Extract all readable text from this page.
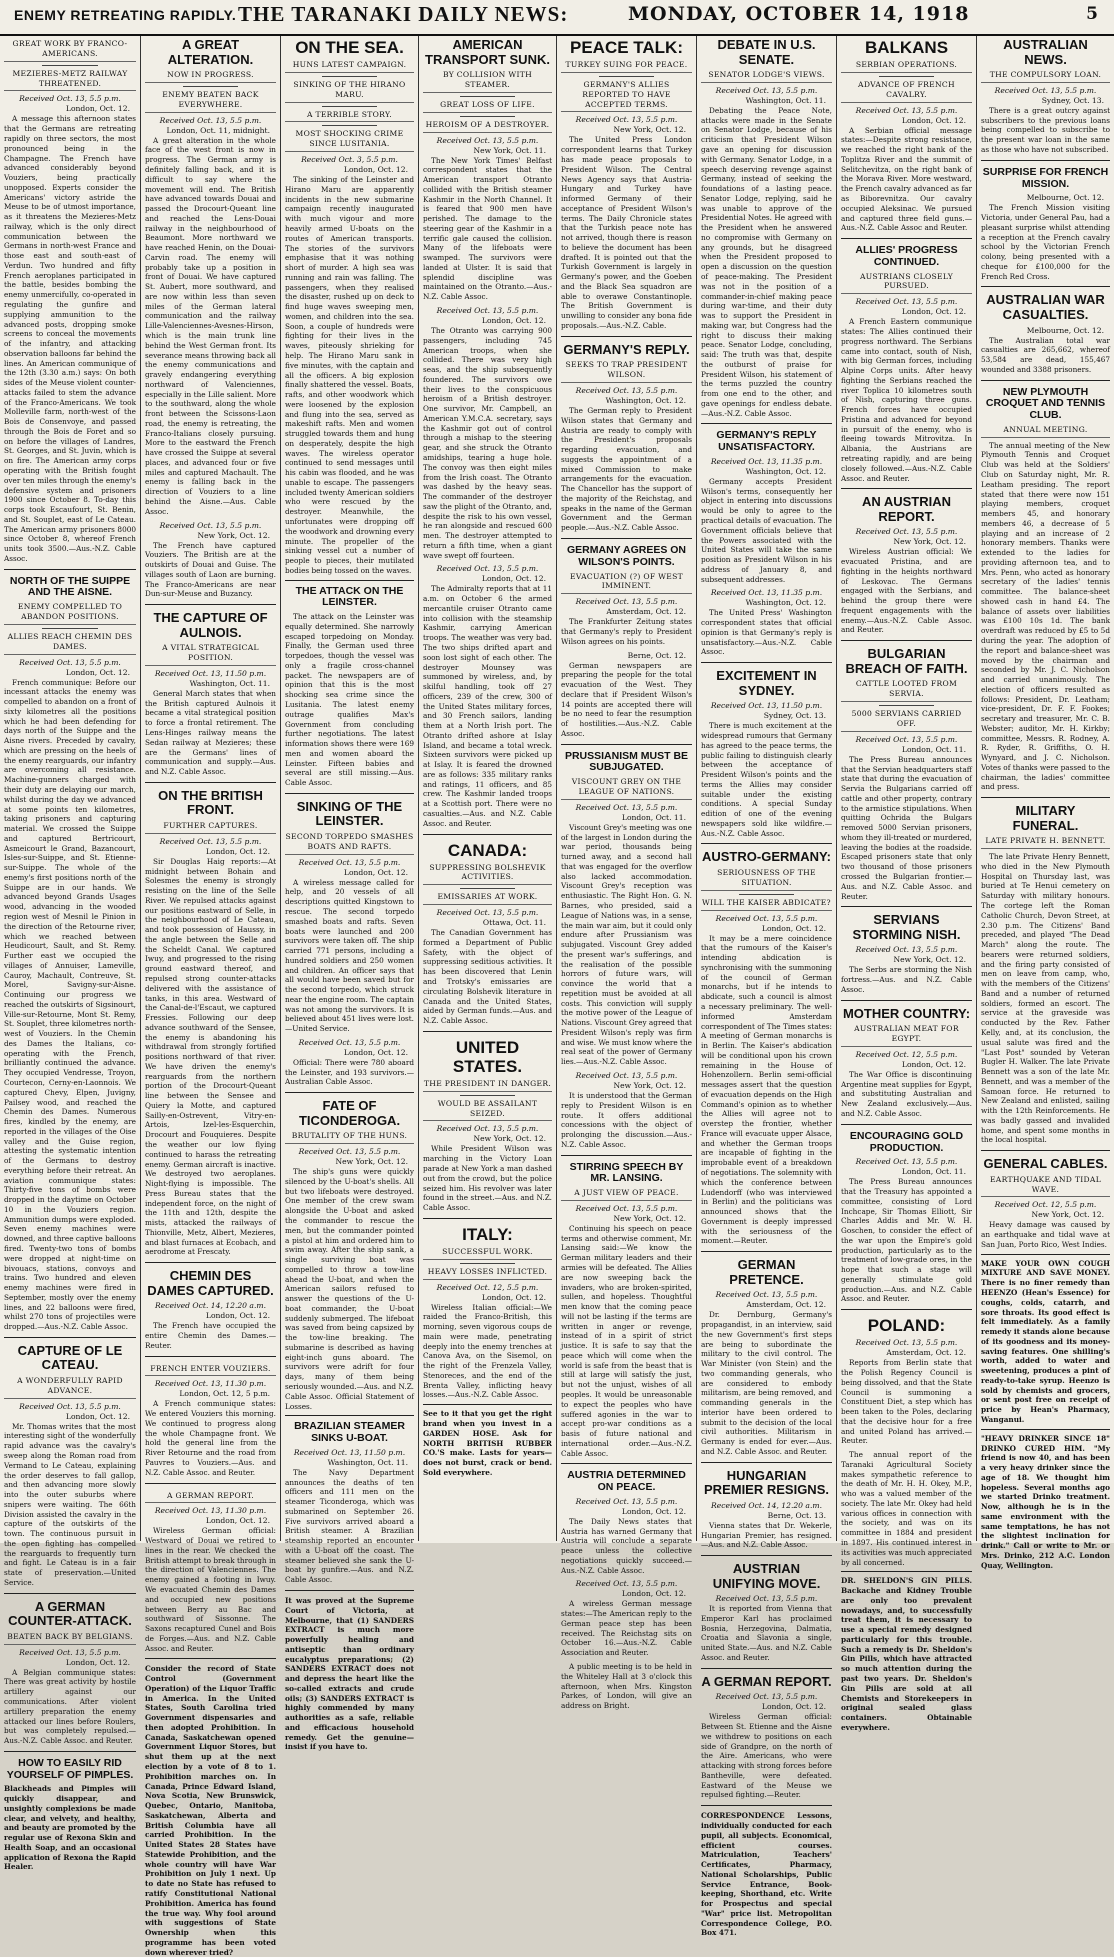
ENEMY RETREATING RAPIDLY. THE TARANAKI DAILY NEWS:	MONDAY, OCTOBER 14, 1918	5
GREAT WORK BY FRANCO-AMERICANS.
MEZIERES-METZ RAILWAY THREATENED.
Received Oct. 13, 5.5 p.m.
London, Oct. 12.
A message this afternoon states that the Germans are retreating rapidly on three sectors, the most pronounced being in the Champagne. The French have advanced considerably beyond Vouziers, being practically unopposed. Experts consider the Americans' victory astride the Meuse to be of utmost importance, as it threatens the Mezieres-Metz railway, which is the only direct communication between the Germans in north-west France and those east and south-east of Verdun. Two hundred and fifty French aeroplanes participated in the battle, besides bombing the enemy unmercifully, co-operated in regulating the gunfire and supplying ammunition to the advanced posts, dropping smoke screens to conceal the movements of the infantry, and attacking observation balloons far behind the lines. An American communique of the 12th (3.30 a.m.) says: On both sides of the Meuse violent counter-attacks failed to stem the advance of the Franco-Americans. We took Molleville farm, north-west of the Bois de Consenvoye, and passed through the Bois de Foret and so on before the villages of Landres, St. Georges, and St. Juvin, which is on fire. The American army corps operating with the British fought over ten miles through the enemy's defensive system and prisoners 1900 since October 8. To-day this corps took Escaufourt, St. Benin, and St. Souplet, east of Le Cateau. The American army prisoners 8000 since October 8, whereof French units took 3500.—Aus.-N.Z. Cable Assoc.
NORTH OF THE SUIPPE AND THE AISNE.
ENEMY COMPELLED TO ABANDON POSITIONS.
ALLIES REACH CHEMIN DES DAMES.
Received Oct. 13, 5.5 p.m.
London, Oct. 12.
French communique: Before our incessant attacks the enemy was compelled to abandon on a front of sixty kilometres all the positions which he had been defending for days north of the Suippe and the Aisne rivers. Preceded by cavalry, which are pressing on the heels of the enemy rearguards, our infantry are overcoming all resistance. Machine-gunners charged with their duty are delaying our march, whilst during the day we advanced at some points ten kilometres, taking prisoners and capturing material. We crossed the Suippe and captured Bertricourt, Asmeicourt le Grand, Bazancourt, Isles-sur-Suippe, and St. Etienne-sur-Suippe. The whole of the enemy's first positions north of the Suippe are in our hands. We advanced beyond Grands Usages wood, advancing in the wooded region west of Mesnil le Pinion in the direction of the Retourne river, which we reached between Heudicourt, Sault, and St. Remy. Further east we occupied the villages of Annuiser, Lameville, Cauroy, Machault, Contreuve, St. Morel, Savigny-sur-Aisne. Continuing our progress we reached the outskirts of Sigsinourt, Ville-sur-Retourne, Mont St. Remy, St. Souplet, three kilometres north-west of Vouziers. In the Chemin des Dames the Italians, co-operating with the French, brilliantly continued the advance. They occupied Vendresse, Troyon, Courtecon, Cerny-en-Laonnois. We captured Chevy, Elpen, Juvigny, Pailsey wood, and reached the Chemin des Dames. Numerous fires, kindled by the enemy, are reported in the villages of the Oise valley and the Guise region, attesting the systematic intention of the Germans to destroy everything before their retreat. An aviation communique states: Thirty-five tons of bombs were dropped in the daytime on October 10 in the Vouziers region. Ammunition dumps were exploded. Seven enemy machines were downed, and three captive balloons fired. Twenty-two tons of bombs were dropped at night-time on bivouacs, stations, convoys and trains. Two hundred and eleven enemy machines were fired in September, mostly over the enemy lines, and 22 balloons were fired, whilst 270 tons of projectiles were dropped.—Aus.-N.Z. Cable Assoc.
CAPTURE OF LE CATEAU.
A WONDERFULLY RAPID ADVANCE.
Received Oct. 13, 5.5 p.m.
London, Oct. 12.
Mr. Thomas writes that the most interesting sight of the wonderfully rapid advance was the cavalry's sweep along the Roman road from Vermand to Le Cateau, explaining the order deserves to fall gallop, and then advancing more slowly into the outer suburbs where snipers were waiting. The 66th Division assisted the cavalry in the capture of the outskirts of the town. The continuous pursuit in the open fighting has compelled the rearguards to frequently turn and fight. Le Cateau is in a fair state of preservation.—United Service.
A GERMAN COUNTER-ATTACK.
BEATEN BACK BY BELGIANS.
Received Oct. 13, 5.5 p.m.
London, Oct. 12.
A Belgian communique states: There was great activity by hostile artillery against our communications. After violent artillery preparation the enemy attacked our lines before Roulers, but was completely repulsed.—Aus.-N.Z. Cable Assoc. and Reuter.
HOW TO EASILY RID YOURSELF OF PIMPLES.
Blackheads and Pimples will quickly disappear, and unsightly complexions be made clear, and velvety, and healthy, and beauty are promoted by the regular use of Rexona Skin and Health Soap, and an occasional application of Rexona the Rapid Healer.
A GREAT ALTERATION.
NOW IN PROGRESS.
ENEMY BEATEN BACK EVERYWHERE.
Received Oct. 13, 5.5 p.m.
London, Oct. 11, midnight.
A great alteration in the whole face of the west front is now in progress. The German army is definitely falling back, and it is difficult to say where the movement will end. The British have advanced towards Douai and passed the Drocourt-Queant line and reached the Lens-Douai railway in the neighbourhood of Beaumont. More northward we have reached Henin, on the Douai-Carvin road. The enemy will probably take up a position in front of Douai. We have captured St. Aubert, more southward, and are now within less than seven miles of the German lateral communication and the railway Lille-Valenciennes-Avesnes-Hirson, which is the main trunk line behind the West German front. Its severance means throwing back all the enemy communications and gravely endangering everything northward of Valenciennes, especially in the Lille salient. More to the southward, along the whole front between the Scissons-Laon road, the enemy is retreating, the Franco-Italians closely pursuing. More to the eastward the French have crossed the Suippe at several places, and advanced four or five miles and captured Machault. The enemy is falling back in the direction of Vouziers to a line behind the Aisne.—Aus. Cable Assoc.
Received Oct. 13, 5.5 p.m.
New York, Oct. 12.
The French have captured Vouziers. The British are at the outskirts of Douai and Guise. The villages south of Laon are burning. The Franco-Americans are near Dun-sur-Meuse and Buzancy.
THE CAPTURE OF AULNOIS.
A VITAL STRATEGICAL POSITION.
Received Oct. 13, 11.50 p.m.
Washington, Oct. 11.
General March states that when the British captured Aulnois it became a vital strategical position to force a frontal retirement. The Lens-Hinges railway means the Sedan railway at Mezieres; these are the Germans' lines of communication and supply.—Aus. and N.Z. Cable Assoc.
ON THE BRITISH FRONT.
FURTHER CAPTURES.
Received Oct. 13, 5.5 p.m.
London, Oct. 12.
Sir Douglas Haig reports:—At midnight between Bohain and Solesmes the enemy is strongly resisting on the line of the Selle River. We repulsed attacks against our positions eastward of Selle, in the neighbourhood of Le Cateau, and took possession of Haussy, in the angle between the Selle and the Scheldt Canal. We captured Iwuy, and progressed to the rising ground eastward thereof, and repulsed strong counter-attacks delivered with the assistance of tanks, in this area. Westward of the Canal-de-l'Escaut, we captured Fressies. Following our deep advance southward of the Sensee, the enemy is abandoning his withdrawal from strongly fortified positions northward of that river. We have driven the enemy's rearguards from the northern portion of the Drocourt-Queant line between the Sensee and Quiery la Motte, and captured Sailly-en-Ostrevent, Vitry-en-Artois, Izel-les-Esquerchin, Drocourt and Fouquieres. Despite the weather our low flying continued to harass the retreating enemy. German aircraft is inactive. We destroyed two aeroplanes. Night-flying is impossible. The Press Bureau states that the independent force, on the night of the 11th and 12th, despite the mists, attacked the railways of Thionville, Metz, Albert, Mezieres, and blast furnaces at Ecobach, and aerodrome at Frescaty.
CHEMIN DES DAMES CAPTURED.
Received Oct. 14, 12.20 a.m.
London, Oct. 12.
The French have occupied the entire Chemin des Dames.—Reuter.
FRENCH ENTER VOUZIERS.
Received Oct. 13, 11.30 p.m.
London, Oct. 12, 5 p.m.
A French communique states: We entered Vouziers this morning. We continued to progress along the whole Champagne front. We hold the general line from the River Retourne and the road from Pauvres to Vouziers.—Aus. and N.Z. Cable Assoc. and Reuter.
A GERMAN REPORT.
Received Oct. 13, 11.30 p.m.
London, Oct. 12.
Wireless German official: Westward of Douai we retired to lines in the rear. We checked the British attempt to break through in the direction of Valenciennes. The enemy gained a footing in Iwuy. We evacuated Chemin des Dames and occupied new positions between Berry au Bac and southward of Sissonne. The Saxons recaptured Cunel and Bois de Forges.—Aus. and N.Z. Cable Assoc. and Reuter.
Consider the record of State Control (Government Operation) of the Liquor Traffic in America. In the United States, South Carolina tried Government dispensaries and then adopted Prohibition. In Canada, Saskatchewan opened Government Liquor Stores, but shut them up at the next election by a vote of 8 to 1. Prohibition marches on. In Canada, Prince Edward Island, Nova Scotia, New Brunswick, Quebec, Ontario, Manitoba, Saskatchewan, Alberta and British Columbia have all carried Prohibition. In the United States 28 States have Statewide Prohibition, and the whole country will have War Prohibition on July 1 next. Up to date no State has refused to ratify Constitutional National Prohibition. America has found the true way. Why fool around with suggestions of State Ownership when this programme has been voted down wherever tried?
ON THE SEA.
HUNS LATEST CAMPAIGN.
SINKING OF THE HIRANO MARU.
A TERRIBLE STORY.
MOST SHOCKING CRIME SINCE LUSITANIA.
Received Oct. 3, 5.5 p.m.
London, Oct. 12.
The sinking of the Leinster and Hirano Maru are apparently incidents in the new submarine campaign recently inaugurated with much vigour and more heavily armed U-boats on the routes of American transports. The stories of the survivors emphasise that it was nothing short of murder. A high sea was running and rain was falling. The passengers, when they realised the disaster, rushed up on deck to find huge waves sweeping men, women, and children into the sea. Soon, a couple of hundreds were fighting for their lives in the waves, piteously shrieking for help. The Hirano Maru sank in five minutes, with the captain and all the officers. A big explosion finally shattered the vessel. Boats, rafts, and other woodwork which were loosened by the explosion and flung into the sea, served as makeshift rafts. Men and women struggled towards them and hung on desperately, despite the high waves. The wireless operator continued to send messages until his cabin was flooded, and he was unable to escape. The passengers included twenty American soldiers who were rescued by the destroyer. Meanwhile, the unfortunates were dropping off the woodwork and drowning every minute. The propeller of the sinking vessel cut a number of people to pieces, their mutilated bodies being tossed on the waves.
THE ATTACK ON THE LEINSTER.
The attack on the Leinster was equally determined. She narrowly escaped torpedoing on Monday. Finally, the German used three torpedoes, though the vessel was only a fragile cross-channel packet. The newspapers are of opinion that this is the most shocking sea crime since the Lusitania. The latest enemy outrage qualifies Max's Government from concluding further negotiations. The latest information shows there were 169 men and women aboard the Leinster. Fifteen babies and several are still missing.—Aus. Cable Assoc.
SINKING OF THE LEINSTER.
SECOND TORPEDO SMASHES BOATS AND RAFTS.
Received Oct. 13, 5.5 p.m.
London, Oct. 12.
A wireless message called for help, and 20 vessels of all descriptions quitted Kingstown to rescue. The second torpedo smashed boats and rafts. Seven boats were launched and 200 survivors were taken off. The ship carried 771 persons, including a hundred soldiers and 250 women and children. An officer says that all would have been saved but for the second torpedo, which struck near the engine room. The captain was not among the survivors. It is believed about 451 lives were lost.—United Service.
Received Oct. 13, 5.5 p.m.
London, Oct. 12.
Official: There were 780 aboard the Leinster, and 193 survivors.—Australian Cable Assoc.
FATE OF TICONDEROGA.
BRUTALITY OF THE HUNS.
Received Oct. 13, 5.5 p.m.
New York, Oct. 12.
The ship's guns were quickly silenced by the U-boat's shells. All but two lifeboats were destroyed. One member of the crew swam alongside the U-boat and asked the commander to rescue the men, but the commander pointed a pistol at him and ordered him to swim away. After the ship sank, a single surviving boat was compelled to throw a tow-line ahead the U-boat, and when the American sailors refused to answer the questions of the U-boat commander, the U-boat suddenly submerged. The lifeboat was saved from being capsized by the tow-line breaking. The submarine is described as having eight-inch guns aboard. The survivors were adrift for four days, many of them being seriously wounded.—Aus. and N.Z. Cable Assoc. Official Statement of Losses.
BRAZILIAN STEAMER SINKS U-BOAT.
Received Oct. 13, 11.50 p.m.
Washington, Oct. 11.
The Navy Department announces the deaths of ten officers and 111 men on the steamer Ticonderoga, which was submarined on September 26. Five survivors arrived aboard a British steamer. A Brazilian steamship reported an encounter with a U-boat off the coast. The steamer believed she sank the U-boat by gunfire.—Aus. and N.Z. Cable Assoc.
It was proved at the Supreme Court of Victoria, at Melbourne, that (1) SANDERS EXTRACT is much more powerfully healing and antiseptic than ordinary eucalyptus preparations; (2) SANDERS EXTRACT does not and depress the heart like the so-called extracts and crude oils; (3) SANDERS EXTRACT is highly commended by many authorities as a safe, reliable and efficacious household remedy. Get the genuine—insist if you have to.
AMERICAN TRANSPORT SUNK.
BY COLLISION WITH STEAMER.
GREAT LOSS OF LIFE.
HEROISM OF A DESTROYER.
Received Oct. 13, 5.5 p.m.
New York, Oct. 11.
The New York Times' Belfast correspondent states that the American transport Otranto collided with the British steamer Kashmir in the North Channel. It is feared that 900 men have perished. The damage to the steering gear of the Kashmir in a terrific gale caused the collision. Many of the lifeboats were swamped. The survivors were landed at Ulster. It is said that splendid discipline was maintained on the Otranto.—Aus.-N.Z. Cable Assoc.
Received Oct. 13, 5.5 p.m.
London, Oct. 12.
The Otranto was carrying 900 passengers, including 745 American troops, when she collided. There was very high seas, and the ship subsequently foundered. The survivors owe their lives to the conspicuous heroism of a British destroyer. One survivor, Mr. Campbell, an American Y.M.C.A. secretary, says the Kashmir got out of control through a mishap to the steering gear, and she struck the Otranto amidships, tearing a huge hole. The convoy was then eight miles from the Irish coast. The Otranto was dashed by the heavy seas. The commander of the destroyer saw the plight of the Otranto, and, despite the risk to his own vessel, he ran alongside and rescued 600 men. The destroyer attempted to return a fifth time, when a giant wave swept off fourteen.
Received Oct. 13, 5.5 p.m.
London, Oct. 12.
The Admiralty reports that at 11 a.m. on October 6 the armed mercantile cruiser Otranto came into collision with the steamship Kashmir, carrying American troops. The weather was very bad. The two ships drifted apart and soon lost sight of each other. The destroyer Mounsey was summoned by wireless, and, by skilful handling, took off 27 officers, 239 of the crew, 300 of the United States military forces, and 30 French sailors, landing them at a North Irish port. The Otranto drifted ashore at Islay Island, and became a total wreck. Sixteen survivors were picked up at Islay. It is feared the drowned are as follows: 335 military ranks and ratings, 11 officers, and 85 crew. The Kashmir landed troops at a Scottish port. There were no casualties.—Aus. and N.Z. Cable Assoc. and Reuter.
CANADA:
SUPPRESSING BOLSHEVIK ACTIVITIES.
EMISSARIES AT WORK.
Received Oct. 13, 5.5 p.m.
Ottawa, Oct. 11.
The Canadian Government has formed a Department of Public Safety, with the object of suppressing seditious activities. It has been discovered that Lenin and Trotsky's emissaries are circulating Bolshevik literature in Canada and the United States, aided by German funds.—Aus. and N.Z. Cable Assoc.
UNITED STATES.
THE PRESIDENT IN DANGER.
WOULD BE ASSAILANT SEIZED.
Received Oct. 13, 5.5 p.m.
New York, Oct. 12.
While President Wilson was marching in the Victory Loan parade at New York a man dashed out from the crowd, but the police seized him. His revolver was later found in the street.—Aus. and N.Z. Cable Assoc.
ITALY:
SUCCESSFUL WORK.
HEAVY LOSSES INFLICTED.
Received Oct. 12, 5.5 p.m.
London, Oct. 12.
Wireless Italian official:—We raided the Franco-British, this morning, seven vigorous coups de main were made, penetrating deeply into the enemy trenches at Canova Ava, on the Sisemol, on the right of the Frenzela Valley, Stenoreces, and the end of the Brenta Valley, inflicting heavy losses.—Aus.-N.Z. Cable Assoc.
See to it that you get the right brand when you invest in a GARDEN HOSE. Ask for NORTH BRITISH RUBBER CO.'S make. Lasts for years—does not burst, crack or bend. Sold everywhere.
PEACE TALK:
TURKEY SUING FOR PEACE.
GERMANY'S ALLIES REPORTED TO HAVE ACCEPTED TERMS.
Received Oct. 13, 5.5 p.m.
New York, Oct. 12.
The United Press London correspondent learns that Turkey has made peace proposals to President Wilson. The Central News Agency says that Austria-Hungary and Turkey have informed Germany of their acceptance of President Wilson's terms. The Daily Chronicle states that the Turkish peace note has not arrived, though there is reason to believe the document has been drafted. It is pointed out that the Turkish Government is largely in Germany's power, and the Goeben and the Black Sea squadron are able to overawe Constantinople. The British Government is unwilling to consider any bona fide proposals.—Aus.-N.Z. Cable.
GERMANY'S REPLY.
SEEKS TO TRAP PRESIDENT WILSON.
Received Oct. 13, 5.5 p.m.
Washington, Oct. 12.
The German reply to President Wilson states that Germany and Austria are ready to comply with the President's proposals regarding evacuation, and suggests the appointment of a mixed Commission to make arrangements for the evacuation. The Chancellor has the support of the majority of the Reichstag, and speaks in the name of the German Government and the German people.—Aus.-N.Z. Cable Assoc.
GERMANY AGREES ON WILSON'S POINTS.
EVACUATION (?) OF WEST IMMINENT.
Received Oct. 13, 5.5 p.m.
Amsterdam, Oct. 12.
The Frankfurter Zeitung states that Germany's reply to President Wilson agrees on his points.
Berne, Oct. 12.
German newspapers are preparing the people for the total evacuation of the West. They declare that if President Wilson's 14 points are accepted there will be no need to fear the resumption of hostilities.—Aus.-N.Z. Cable Assoc.
PRUSSIANISM MUST BE SUBJUGATED.
VISCOUNT GREY ON THE LEAGUE OF NATIONS.
Received Oct. 13, 5.5 p.m.
London, Oct. 11.
Viscount Grey's meeting was one of the largest in London during the war period, thousands being turned away, and a second hall that was engaged for the overflow also lacked accommodation. Viscount Grey's reception was enthusiastic. The Right Hon. G. N. Barnes, who presided, said a League of Nations was, in a sense, the main war aim, but it could only endure after Prussianism was subjugated. Viscount Grey added the present war's sufferings, and the realisation of the possible horrors of future wars, will convince the world that a repetition must be avoided at all costs. This conviction will supply the motive power of the League of Nations. Viscount Grey agreed that President Wilson's reply was firm and wise. We must know where the real seat of the power of Germany lies.—Aus.-N.Z. Cable Assoc.
Received Oct. 13, 5.5 p.m.
New York, Oct. 12.
It is understood that the German reply to President Wilson is en route. It offers additional concessions with the object of prolonging the discussion.—Aus.-N.Z. Cable Assoc.
STIRRING SPEECH BY MR. LANSING.
A JUST VIEW OF PEACE.
Received Oct. 13, 5.5 p.m.
New York, Oct. 12.
Continuing his speech on peace terms and otherwise comment, Mr. Lansing said:—We know the German military leaders and their armies will be defeated. The Allies are now sweeping back the invaders, who are broken-spirited, sullen, and hopeless. Thoughtful men know that the coming peace will not be lasting if the terms are written in anger or revenge, instead of in a spirit of strict justice. It is safe to say that the peace which will come when the world is safe from the beast that is still at large will satisfy the just, but not the unjust, wishes of all peoples. It would be unreasonable to expect the peoples who have suffered agonies in the war to accept pro-war conditions as a basis of future national and international order.—Aus.-N.Z. Cable Assoc.
AUSTRIA DETERMINED ON PEACE.
Received Oct. 13, 5.5 p.m.
London, Oct. 12.
The Daily News states that Austria has warned Germany that Austria will conclude a separate peace unless the collective negotiations quickly succeed.—Aus.-N.Z. Cable Assoc.
Received Oct. 13, 5.5 p.m.
London, Oct. 12.
A wireless German message states:—The American reply to the German peace step has been received. The Reichstag sits on October 16.—Aus.-N.Z. Cable Association and Reuter.
A public meeting is to be held in the Whiteley Hall at 3 o'clock this afternoon, when Mrs. Kingston Parkes, of London, will give an address on Bright.
DEBATE IN U.S. SENATE.
SENATOR LODGE'S VIEWS.
Received Oct. 13, 5.5 p.m.
Washington, Oct. 11.
Debating the Peace Note, attacks were made in the Senate on Senator Lodge, because of his criticism that President Wilson gave an opening for discussion with Germany. Senator Lodge, in a speech deserving revenge against Germany, instead of seeking the foundations of a lasting peace. Senator Lodge, replying, said he was unable to approve of the Presidential Notes. He agreed with the President when he answered no compromise with Germany on any grounds, but he disagreed when the President proposed to open a discussion on the question of peace-making. The President was not in the position of a commander-in-chief making peace during war-time, and their duty was to support the President in making war, but Congress had the right to discuss their making peace. Senator Lodge, concluding, said: The truth was that, despite the outburst of praise for President Wilson, his statement of the terms puzzled the country from one end to the other, and gave openings for endless debate.—Aus.-N.Z. Cable Assoc.
GERMANY'S REPLY UNSATISFACTORY.
Received Oct. 13, 11.35 p.m.
Washington, Oct. 12.
Germany accepts President Wilson's terms, consequently her object in entering into discussions would be only to agree to the practical details of evacuation. The Government officials believe that the Powers associated with the United States will take the same position as President Wilson in his address of January 8, and subsequent addresses.
Received Oct. 13, 11.35 p.m.
Washington, Oct. 12.
The United Press' Washington correspondent states that official opinion is that Germany's reply is unsatisfactory.—Aus.-N.Z. Cable Assoc.
EXCITEMENT IN SYDNEY.
Received Oct. 13, 11.50 p.m.
Sydney, Oct. 13.
There is much excitement at the widespread rumours that Germany has agreed to the peace terms, the public failing to distinguish clearly between the acceptance of President Wilson's points and the terms the Allies may consider suitable under the existing conditions. A special Sunday edition of one of the evening newspapers sold like wildfire.—Aus.-N.Z. Cable Assoc.
AUSTRO-GERMANY:
SERIOUSNESS OF THE SITUATION.
WILL THE KAISER ABDICATE?
Received Oct. 13, 5.5 p.m.
London, Oct. 12.
It may be a mere coincidence that the rumours of the Kaiser's intending abdication is synchronising with the summoning of the council of German monarchs, but if he intends to abdicate, such a council is almost a necessary preliminary. The well-informed Amsterdam correspondent of The Times states: A meeting of German monarchs is in Berlin. The Kaiser's abdication will be conditional upon his crown remaining in the House of Hohenzollern. Berlin semi-official messages assert that the question of evacuation depends on the High Command's opinion as to whether the Allies will agree not to overstep the frontier, whether France will evacuate upper Alsace, and whether the German troops are incapable of fighting in the improbable event of a breakdown of negotiations. The solemnity with which the conference between Ludendorff (who was interviewed in Berlin) and the politicians was announced shows that the Government is deeply impressed with the seriousness of the moment.—Reuter.
GERMAN PRETENCE.
Received Oct. 13, 5.5 p.m.
Amsterdam, Oct. 12.
Dr. Dernburg, Germany's propagandist, in an interview, said the new Government's first steps are being to subordinate the military to the civil control. The War Minister (von Stein) and the two commanding generals, who are considered to embody militarism, are being removed, and commanding generals in the interior have been ordered to submit to the decision of the local civil authorities. Militarism in Germany is ended for ever.—Aus. and N.Z. Cable Assoc. and Reuter.
HUNGARIAN PREMIER RESIGNS.
Received Oct. 14, 12.20 a.m.
Berne, Oct. 13.
Vienna states that Dr. Wekerle, Hungarian Premier, has resigned.—Aus. and N.Z. Cable Assoc.
AUSTRIAN UNIFYING MOVE.
Received Oct. 13, 5.5 p.m.
It is reported from Vienna that Emperor Karl has proclaimed Bosnia, Herzegovina, Dalmatia, Croatia and Slavonia a single, united State.—Aus. and N.Z. Cable Assoc. and Reuter.
A GERMAN REPORT.
Received Oct. 13, 5.5 p.m.
London, Oct. 12.
Wireless German official: Between St. Etienne and the Aisne we withdrew to positions on each side of Grandpre, on the north of the Aire. Americans, who were attacking with strong forces before Bantheville, were defeated. Eastward of the Meuse we repulsed fighting.—Reuter.
CORRESPONDENCE Lessons, individually conducted for each pupil, all subjects. Economical, efficient courses. Matriculation, Teachers' Certificates, Pharmacy, National Scholarships, Public Service Entrance, Book-keeping, Shorthand, etc. Write for Prospectus and special "War" price list. Metropolitan Correspondence College, P.O. Box 471.
BALKANS
SERBIAN OPERATIONS.
ADVANCE OF FRENCH CAVALRY.
Received Oct. 13, 5.5 p.m.
London, Oct. 12.
A Serbian official message states:—Despite strong resistance, we reached the right bank of the Toplitza River and the summit of Selitchevitza, on the right bank of the Morava River. More westward, the French cavalry advanced as far as Biborevnitza. Our cavalry occupied Aleksinac. We pursued and captured three field guns.—Aus.-N.Z. Cable Assoc and Reuter.
ALLIES' PROGRESS CONTINUED.
AUSTRIANS CLOSELY PURSUED.
Received Oct. 13, 5.5 p.m.
London, Oct. 12.
A French Eastern communique states: The Allies continued their progress northward. The Serbians came into contact, south of Nish, with big German forces, including Alpine Corps units. After heavy fighting the Serbians reached the river Toplica 10 kilometres south of Nish, capturing three guns. French forces have occupied Pristina and advanced for beyond in pursuit of the enemy, who is fleeing towards Mitrovitza. In Albania, the Austrians are retreating rapidly, and are being closely followed.—Aus.-N.Z. Cable Assoc. and Reuter.
AN AUSTRIAN REPORT.
Received Oct. 13, 5.5 p.m.
New York, Oct. 12.
Wireless Austrian official: We evacuated Pristina, and are fighting in the heights northward of Leskovac. The Germans engaged with the Serbians, and behind the group there were frequent engagements with the enemy.—Aus.-N.Z. Cable Assoc. and Reuter.
BULGARIAN BREACH OF FAITH.
CATTLE LOOTED FROM SERVIA.
5000 SERVIANS CARRIED OFF.
Received Oct. 13, 5.5 p.m.
London, Oct. 11.
The Press Bureau announces that the Servian headquarters staff state that during the evacuation of Servia the Bulgarians carried off cattle and other property, contrary to the armistice stipulations. When quitting Ochrida the Bulgars removed 5000 Servian prisoners, whom they ill-treated or murdered, leaving the bodies at the roadside. Escaped prisoners state that only two thousand of those prisoners crossed the Bulgarian frontier.—Aus. and N.Z. Cable Assoc. and Reuter.
SERVIANS STORMING NISH.
Received Oct. 13, 5.5 p.m.
New York, Oct. 12.
The Serbs are storming the Nish fortress.—Aus. and N.Z. Cable Assoc.
MOTHER COUNTRY:
AUSTRALIAN MEAT FOR EGYPT.
Received Oct. 12, 5.5 p.m.
London, Oct. 12.
The War Office is discontinuing Argentine meat supplies for Egypt, and substituting Australian and New Zealand exclusively.—Aus. and N.Z. Cable Assoc.
ENCOURAGING GOLD PRODUCTION.
Received Oct. 13, 5.5 p.m.
London, Oct. 11.
The Press Bureau announces that the Treasury has appointed a committee, consisting of Lord Inchcape, Sir Thomas Elliott, Sir Charles Addis and Mr. W. H. Goschen, to consider the effect of the war upon the Empire's gold production, particularly as to the treatment of low-grade ores, in the hope that such a stage will generally stimulate gold production.—Aus. and N.Z. Cable Assoc. and Reuter.
POLAND:
Received Oct. 13, 5.5 p.m.
Amsterdam, Oct. 12.
Reports from Berlin state that the Polish Regency Council is being dissolved, and that the State Council is summoning a Constituent Diet, a step which has been taken to the Poles, declaring that the decisive hour for a free and united Poland has arrived.—Reuter.
The annual report of the Taranaki Agricultural Society makes sympathetic reference to the death of Mr. H. H. Okey, M.P., who was a valued member of the society. The late Mr. Okey had held various offices in connection with the society, and was on its committee in 1884 and president in 1897. His continued interest in its activities was much appreciated by all concerned.
DR. SHELDON'S GIN PILLS. Backache and Kidney Trouble are only too prevalent nowadays, and, to successfully treat them, it is necessary to use a special remedy designed particularly for this trouble. Such a remedy is Dr. Sheldon's Gin Pills, which have attracted so much attention during the past two years. Dr. Sheldon's Gin Pills are sold at all Chemists and Storekeepers in original sealed glass containers. Obtainable everywhere.
AUSTRALIAN NEWS.
THE COMPULSORY LOAN.
Received Oct. 13, 5.5 p.m.
Sydney, Oct. 13.
There is a great outcry against subscribers to the previous loans being compelled to subscribe to the present war loan in the same as those who have not subscribed.
SURPRISE FOR FRENCH MISSION.
Melbourne, Oct. 12.
The French Mission visiting Victoria, under General Pau, had a pleasant surprise whilst attending a reception at the French cavalry school by the Victorian French colony, being presented with a cheque for £100,000 for the French Red Cross.
AUSTRALIAN WAR CASUALTIES.
Melbourne, Oct. 12.
The Australian total war casualties are 265,662, whereof 53,584 are dead, 155,467 wounded and 3388 prisoners.
NEW PLYMOUTH CROQUET AND TENNIS CLUB.
ANNUAL MEETING.
The annual meeting of the New Plymouth Tennis and Croquet Club was held at the Soldiers' Club on Saturday night, Mr. R. Leatham presiding. The report stated that there were now 151 playing members, croquet members 45, and honorary members 46, a decrease of 5 playing and an increase of 2 honorary members. Thanks were extended to the ladies for providing afternoon tea, and to Mrs. Penn, who acted as honorary secretary of the ladies' tennis committee. The balance-sheet showed cash in hand £4. The balance of assets over liabilities was £100 10s 1d. The bank overdraft was reduced by £5 to 5d during the year. The adoption of the report and balance-sheet was moved by the chairman and seconded by Mr. J. C. Nicholson and carried unanimously. The election of officers resulted as follows: President, Dr. Leatham; vice-president, Dr. F. F. Fookes; secretary and treasurer, Mr. C. B. Webster; auditor, Mr. H. Kirkby; committee, Messrs. R. Rodney, A. R. Ryder, R. Griffiths, O. H. Wynyard, and J. C. Nicholson. Votes of thanks were passed to the chairman, the ladies' committee and press.
MILITARY FUNERAL.
LATE PRIVATE H. BENNETT.
The late Private Henry Bennett, who died in the New Plymouth Hospital on Thursday last, was buried at Te Henui cemetery on Saturday with military honours. The cortege left the Roman Catholic Church, Devon Street, at 2.30 p.m. The Citizens' Band preceded, and played "The Dead March" along the route. The bearers were returned soldiers, and the firing party consisted of men on leave from camp, who, with the members of the Citizens' Band and a number of returned soldiers, formed an escort. The service at the graveside was conducted by the Rev. Father Kelly, and, at its conclusion, the usual salute was fired and the "Last Post" sounded by Veteran Bugler H. Walker. The late Private Bennett was a son of the late Mr. Bennett, and was a member of the Samoan force. He returned to New Zealand and enlisted, sailing with the 12th Reinforcements. He was badly gassed and invalided home, and spent some months in the local hospital.
GENERAL CABLES.
EARTHQUAKE AND TIDAL WAVE.
Received Oct. 12, 5.5 p.m.
New York, Oct. 12.
Heavy damage was caused by an earthquake and tidal wave at San Juan, Porto Rico, West Indies.
MAKE YOUR OWN COUGH MIXTURE AND SAVE MONEY. There is no finer remedy than HEENZO (Hean's Essence) for coughs, colds, catarrh, and sore throats. Its good effect is felt immediately. As a family remedy it stands alone because of its goodness and its money-saving features. One shilling's worth, added to water and sweetening, produces a pint of ready-to-take syrup. Heenzo is sold by chemists and grocers, or sent post free on receipt of price by Hean's Pharmacy, Wanganui.
"HEAVY DRINKER SINCE 18" DRINKO CURED HIM. "My friend is now 40, and has been a very heavy drinker since the age of 18. We thought him hopeless. Several months ago we started Drinko treatment. Now, although he is in the same environment with the same temptations, he has not the slightest inclination for drink." Call or write to Mr. or Mrs. Drinko, 212 A.C. London Quay, Wellington.
